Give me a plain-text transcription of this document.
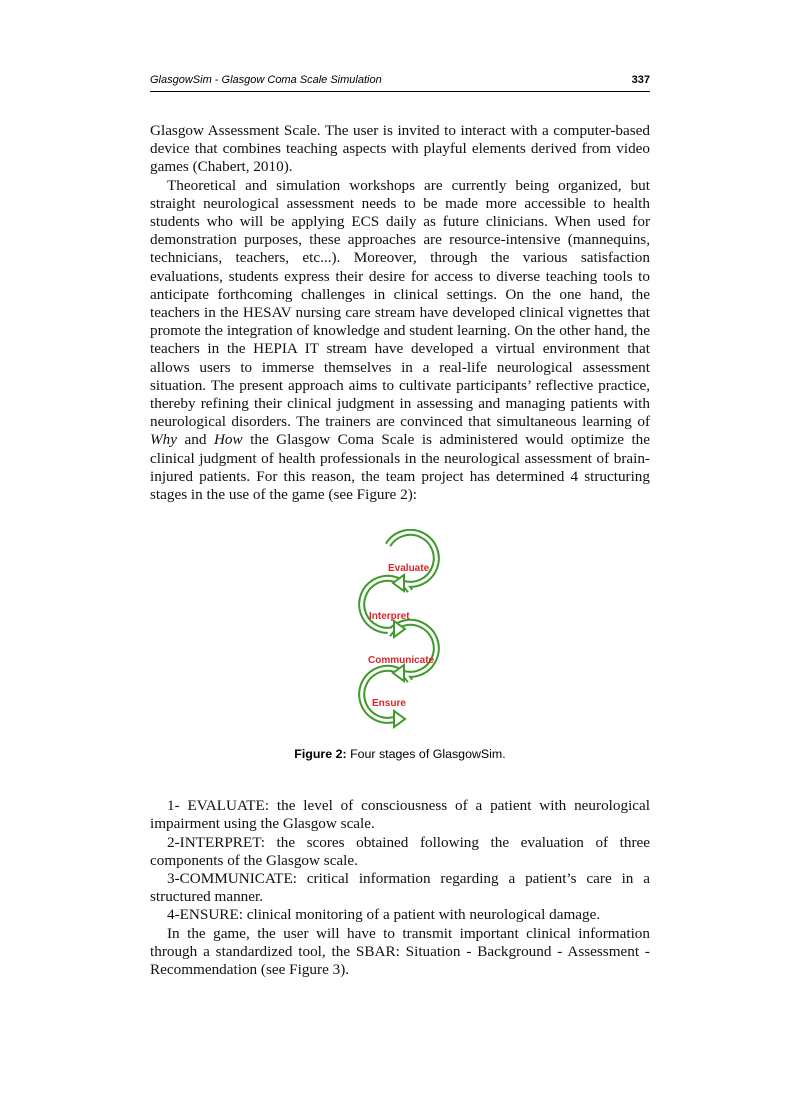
GlasgowSim - Glasgow Coma Scale Simulation	337

Glasgow Assessment Scale. The user is invited to interact with a computer-based device that combines teaching aspects with playful elements derived from video games (Chabert, 2010).

Theoretical and simulation workshops are currently being organized, but straight neurological assessment needs to be made more accessible to health students who will be applying ECS daily as future clinicians. When used for demonstration purposes, these approaches are resource-intensive (mannequins, technicians, teachers, etc...). Moreover, through the various satisfaction evaluations, students express their desire for access to diverse teaching tools to anticipate forthcoming challenges in clinical settings. On the one hand, the teachers in the HESAV nursing care stream have developed clinical vignettes that promote the integration of knowledge and student learning. On the other hand, the teachers in the HEPIA IT stream have developed a virtual environment that allows users to immerse themselves in a real-life neurological assessment situation. The present approach aims to cultivate participants’ reflective practice, thereby refining their clinical judgment in assessing and managing patients with neurological disorders. The trainers are convinced that simultaneous learning of Why and How the Glasgow Coma Scale is administered would optimize the clinical judgment of health professionals in the neurological assessment of brain-injured patients. For this reason, the team project has determined 4 structuring stages in the use of the game (see Figure 2):

Evaluate
Interpret
Communicate
Ensure
Figure 2: Four stages of GlasgowSim.

1- EVALUATE: the level of consciousness of a patient with neurological impairment using the Glasgow scale.

2-INTERPRET: the scores obtained following the evaluation of three components of the Glasgow scale.

3-COMMUNICATE: critical information regarding a patient’s care in a structured manner.

4-ENSURE: clinical monitoring of a patient with neurological damage.

In the game, the user will have to transmit important clinical information through a standardized tool, the SBAR: Situation - Background - Assessment -Recommendation (see Figure 3).
